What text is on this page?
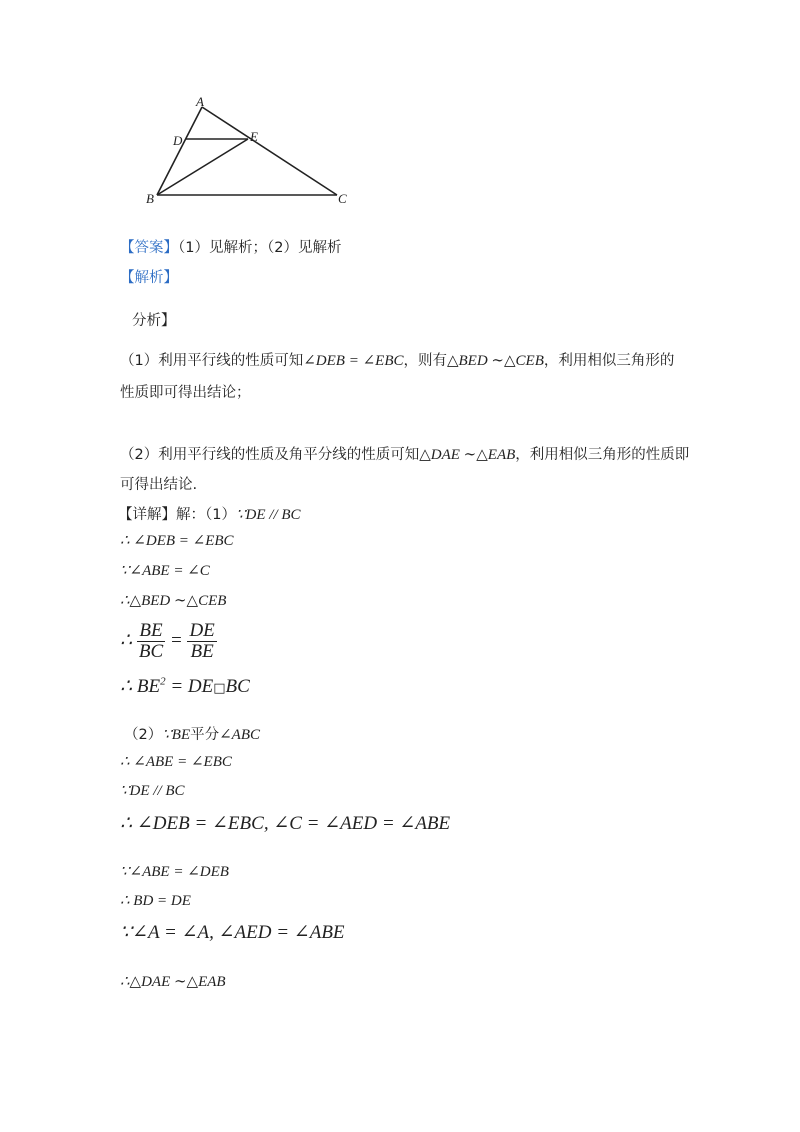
A
D	E
B	C
【答案】（1）见解析；（2）见解析
【解析】
分析】
（1）利用平行线的性质可知∠DEB = ∠EBC，则有△BED ∼△CEB，利用相似三角形的
性质即可得出结论；
（2）利用平行线的性质及角平分线的性质可知△DAE ∼△EAB，利用相似三角形的性质即
可得出结论.
【详解】解：（1）∵DE // BC
∴ ∠DEB = ∠EBC
∵∠ABE = ∠C
∴△BED ∼△CEB
∴ $\frac{BE}{BC} = \frac{DE}{BE}$
∴ $BE^2$ = DE□BC
（2）∵BE平分∠ABC
∴ ∠ABE = ∠EBC
∵DE // BC
∴ ∠DEB = ∠EBC, ∠C = ∠AED = ∠ABE
∵∠ABE = ∠DEB
∴ BD = DE
∵∠A = ∠A, ∠AED = ∠ABE
∴△DAE ∼△EAB
